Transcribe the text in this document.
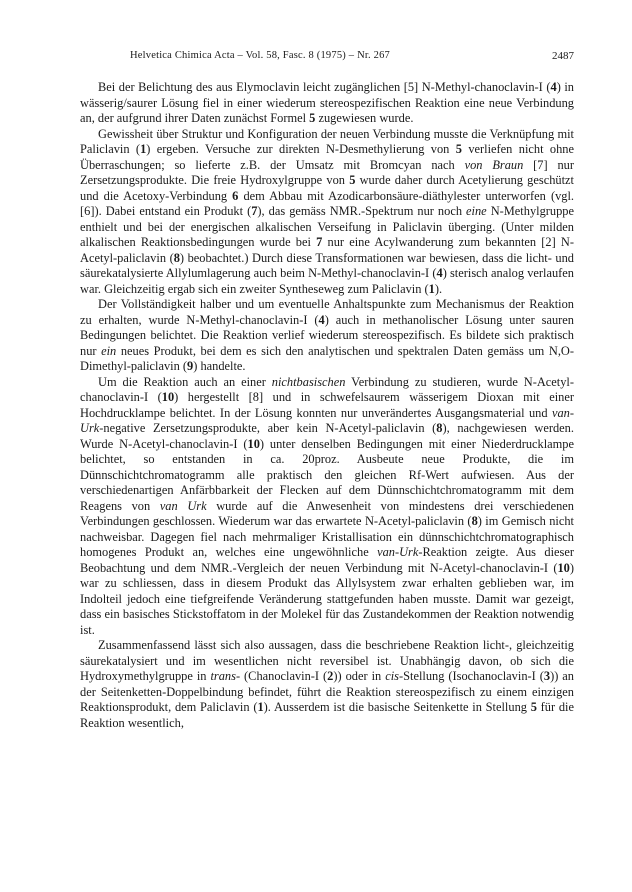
Helvetica Chimica Acta – Vol. 58, Fasc. 8 (1975) – Nr. 267	2487

Bei der Belichtung des aus Elymoclavin leicht zugänglichen [5] N-Methyl-chanoclavin-I (4) in wässerig/saurer Lösung fiel in einer wiederum stereospezifischen Reaktion eine neue Verbindung an, der aufgrund ihrer Daten zunächst Formel 5 zugewiesen wurde.

Gewissheit über Struktur und Konfiguration der neuen Verbindung musste die Verknüpfung mit Paliclavin (1) ergeben. Versuche zur direkten N-Desmethylierung von 5 verliefen nicht ohne Überraschungen; so lieferte z.B. der Umsatz mit Bromcyan nach von Braun [7] nur Zersetzungsprodukte. Die freie Hydroxylgruppe von 5 wurde daher durch Acetylierung geschützt und die Acetoxy-Verbindung 6 dem Abbau mit Azodicarbonsäure-diäthylester unterworfen (vgl. [6]). Dabei entstand ein Produkt (7), das gemäss NMR.-Spektrum nur noch eine N-Methylgruppe enthielt und bei der energischen alkalischen Verseifung in Paliclavin überging. (Unter milden alkalischen Reaktionsbedingungen wurde bei 7 nur eine Acylwanderung zum bekannten [2] N-Acetyl-paliclavin (8) beobachtet.) Durch diese Transformationen war bewiesen, dass die licht- und säurekatalysierte Allylumlagerung auch beim N-Methyl-chanoclavin-I (4) sterisch analog verlaufen war. Gleichzeitig ergab sich ein zweiter Syntheseweg zum Paliclavin (1).

Der Vollständigkeit halber und um eventuelle Anhaltspunkte zum Mechanismus der Reaktion zu erhalten, wurde N-Methyl-chanoclavin-I (4) auch in methanolischer Lösung unter sauren Bedingungen belichtet. Die Reaktion verlief wiederum stereospezifisch. Es bildete sich praktisch nur ein neues Produkt, bei dem es sich den analytischen und spektralen Daten gemäss um N,O-Dimethyl-paliclavin (9) handelte.

Um die Reaktion auch an einer nichtbasischen Verbindung zu studieren, wurde N-Acetyl-chanoclavin-I (10) hergestellt [8] und in schwefelsaurem wässerigem Dioxan mit einer Hochdrucklampe belichtet. In der Lösung konnten nur unverändertes Ausgangsmaterial und van-Urk-negative Zersetzungsprodukte, aber kein N-Acetyl-paliclavin (8), nachgewiesen werden. Wurde N-Acetyl-chanoclavin-I (10) unter denselben Bedingungen mit einer Niederdrucklampe belichtet, so entstanden in ca. 20proz. Ausbeute neue Produkte, die im Dünnschichtchromatogramm alle praktisch den gleichen Rf-Wert aufwiesen. Aus der verschiedenartigen Anfärbbarkeit der Flecken auf dem Dünnschichtchromatogramm mit dem Reagens von van Urk wurde auf die Anwesenheit von mindestens drei verschiedenen Verbindungen geschlossen. Wiederum war das erwartete N-Acetyl-paliclavin (8) im Gemisch nicht nachweisbar. Dagegen fiel nach mehrmaliger Kristallisation ein dünnschichtchromatographisch homogenes Produkt an, welches eine ungewöhnliche van-Urk-Reaktion zeigte. Aus dieser Beobachtung und dem NMR.-Vergleich der neuen Verbindung mit N-Acetyl-chanoclavin-I (10) war zu schliessen, dass in diesem Produkt das Allylsystem zwar erhalten geblieben war, im Indolteil jedoch eine tiefgreifende Veränderung stattgefunden haben musste. Damit war gezeigt, dass ein basisches Stickstoffatom in der Molekel für das Zustandekommen der Reaktion notwendig ist.

Zusammenfassend lässt sich also aussagen, dass die beschriebene Reaktion licht-, gleichzeitig säurekatalysiert und im wesentlichen nicht reversibel ist. Unabhängig davon, ob sich die Hydroxymethylgruppe in trans- (Chanoclavin-I (2)) oder in cis-Stellung (Isochanoclavin-I (3)) an der Seitenketten-Doppelbindung befindet, führt die Reaktion stereospezifisch zu einem einzigen Reaktionsprodukt, dem Paliclavin (1). Ausserdem ist die basische Seitenkette in Stellung 5 für die Reaktion wesentlich,
